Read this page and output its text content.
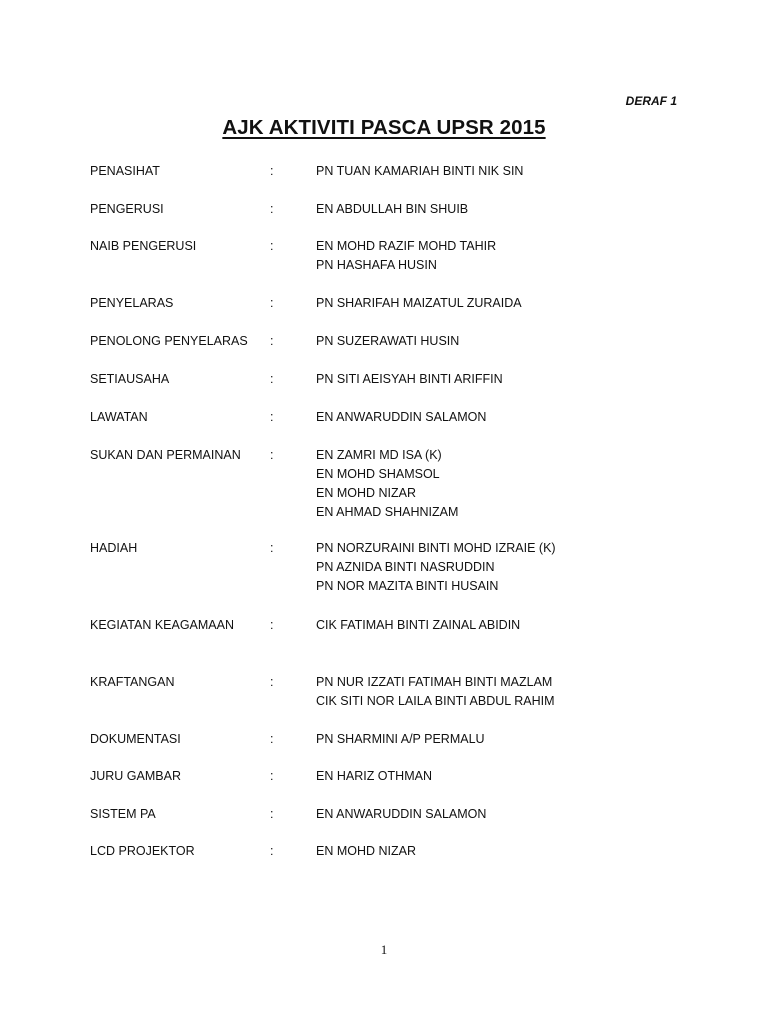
DERAF 1
AJK AKTIVITI PASCA UPSR 2015
PENASIHAT	:	PN TUAN KAMARIAH BINTI NIK SIN
PENGERUSI	:	EN ABDULLAH BIN SHUIB
NAIB PENGERUSI	:	EN MOHD RAZIF MOHD TAHIR
PN HASHAFA HUSIN
PENYELARAS	:	PN SHARIFAH MAIZATUL ZURAIDA
PENOLONG PENYELARAS :	PN SUZERAWATI HUSIN
SETIAUSAHA	:	PN SITI AEISYAH BINTI ARIFFIN
LAWATAN	:	EN ANWARUDDIN SALAMON
SUKAN DAN PERMAINAN :	EN ZAMRI MD ISA (K)
EN MOHD SHAMSOL
EN MOHD NIZAR
EN AHMAD SHAHNIZAM
HADIAH	:	PN NORZURAINI BINTI MOHD IZRAIE (K)
PN AZNIDA BINTI NASRUDDIN
PN NOR MAZITA BINTI HUSAIN
KEGIATAN KEAGAMAAN	:	CIK FATIMAH BINTI ZAINAL ABIDIN
KRAFTANGAN	:	PN NUR IZZATI FATIMAH BINTI MAZLAM
CIK SITI NOR LAILA BINTI ABDUL RAHIM
DOKUMENTASI	:	PN SHARMINI A/P PERMALU
JURU GAMBAR	:	EN HARIZ OTHMAN
SISTEM PA	:	EN ANWARUDDIN SALAMON
LCD PROJEKTOR	:	EN MOHD NIZAR
1
